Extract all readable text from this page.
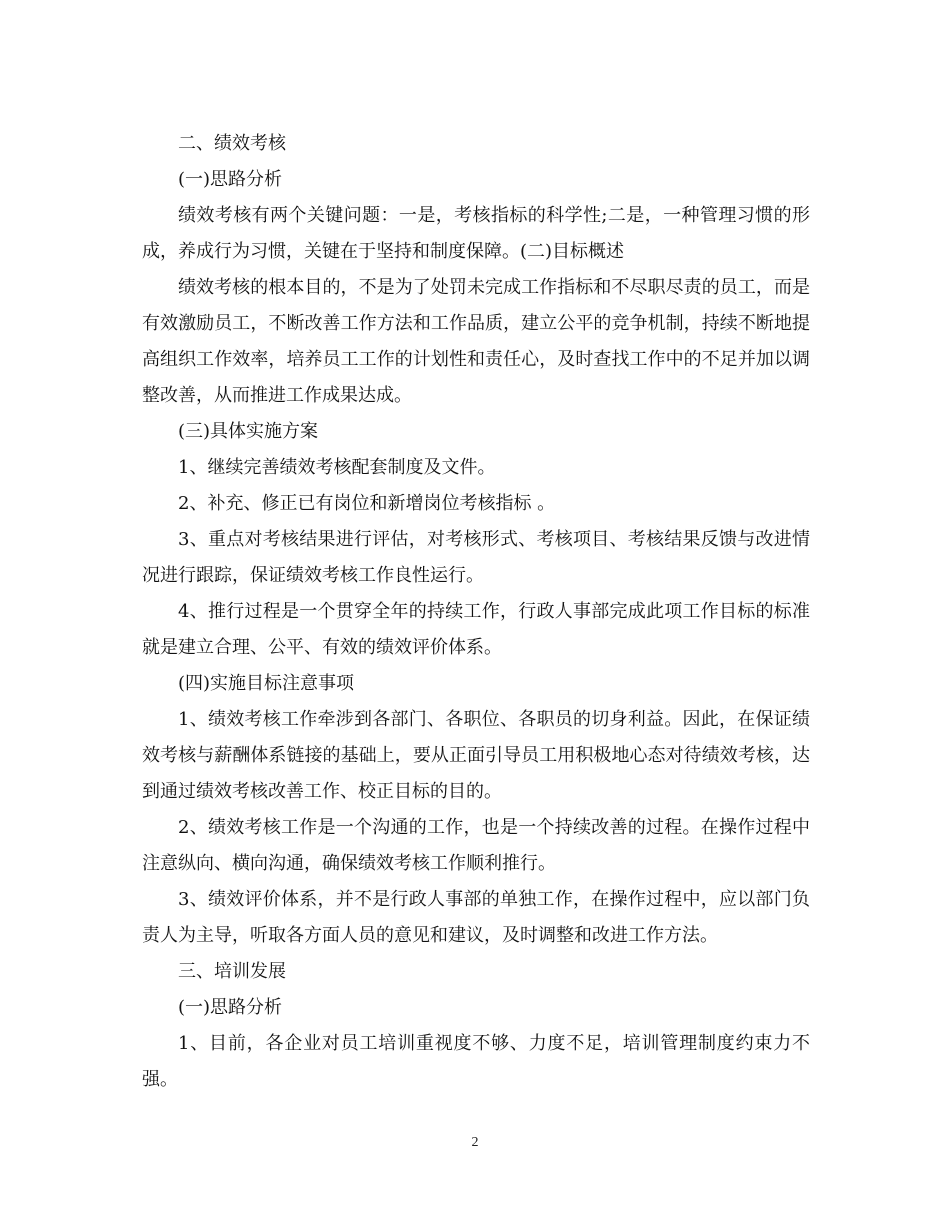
二、绩效考核

(一)思路分析

绩效考核有两个关键问题：一是，考核指标的科学性;二是，一种管理习惯的形成，养成行为习惯，关键在于坚持和制度保障。(二)目标概述

绩效考核的根本目的，不是为了处罚未完成工作指标和不尽职尽责的员工，而是有效激励员工，不断改善工作方法和工作品质，建立公平的竞争机制，持续不断地提高组织工作效率，培养员工工作的计划性和责任心，及时查找工作中的不足并加以调整改善，从而推进工作成果达成。

(三)具体实施方案

1、继续完善绩效考核配套制度及文件。

2、补充、修正已有岗位和新增岗位考核指标 。

3、重点对考核结果进行评估，对考核形式、考核项目、考核结果反馈与改进情况进行跟踪，保证绩效考核工作良性运行。

4、推行过程是一个贯穿全年的持续工作，行政人事部完成此项工作目标的标准就是建立合理、公平、有效的绩效评价体系。

(四)实施目标注意事项

1、绩效考核工作牵涉到各部门、各职位、各职员的切身利益。因此，在保证绩效考核与薪酬体系链接的基础上，要从正面引导员工用积极地心态对待绩效考核，达到通过绩效考核改善工作、校正目标的目的。

2、绩效考核工作是一个沟通的工作，也是一个持续改善的过程。在操作过程中注意纵向、横向沟通，确保绩效考核工作顺利推行。

3、绩效评价体系，并不是行政人事部的单独工作，在操作过程中，应以部门负责人为主导，听取各方面人员的意见和建议，及时调整和改进工作方法。

三、培训发展

(一)思路分析

1、目前，各企业对员工培训重视度不够、力度不足，培训管理制度约束力不强。

2
